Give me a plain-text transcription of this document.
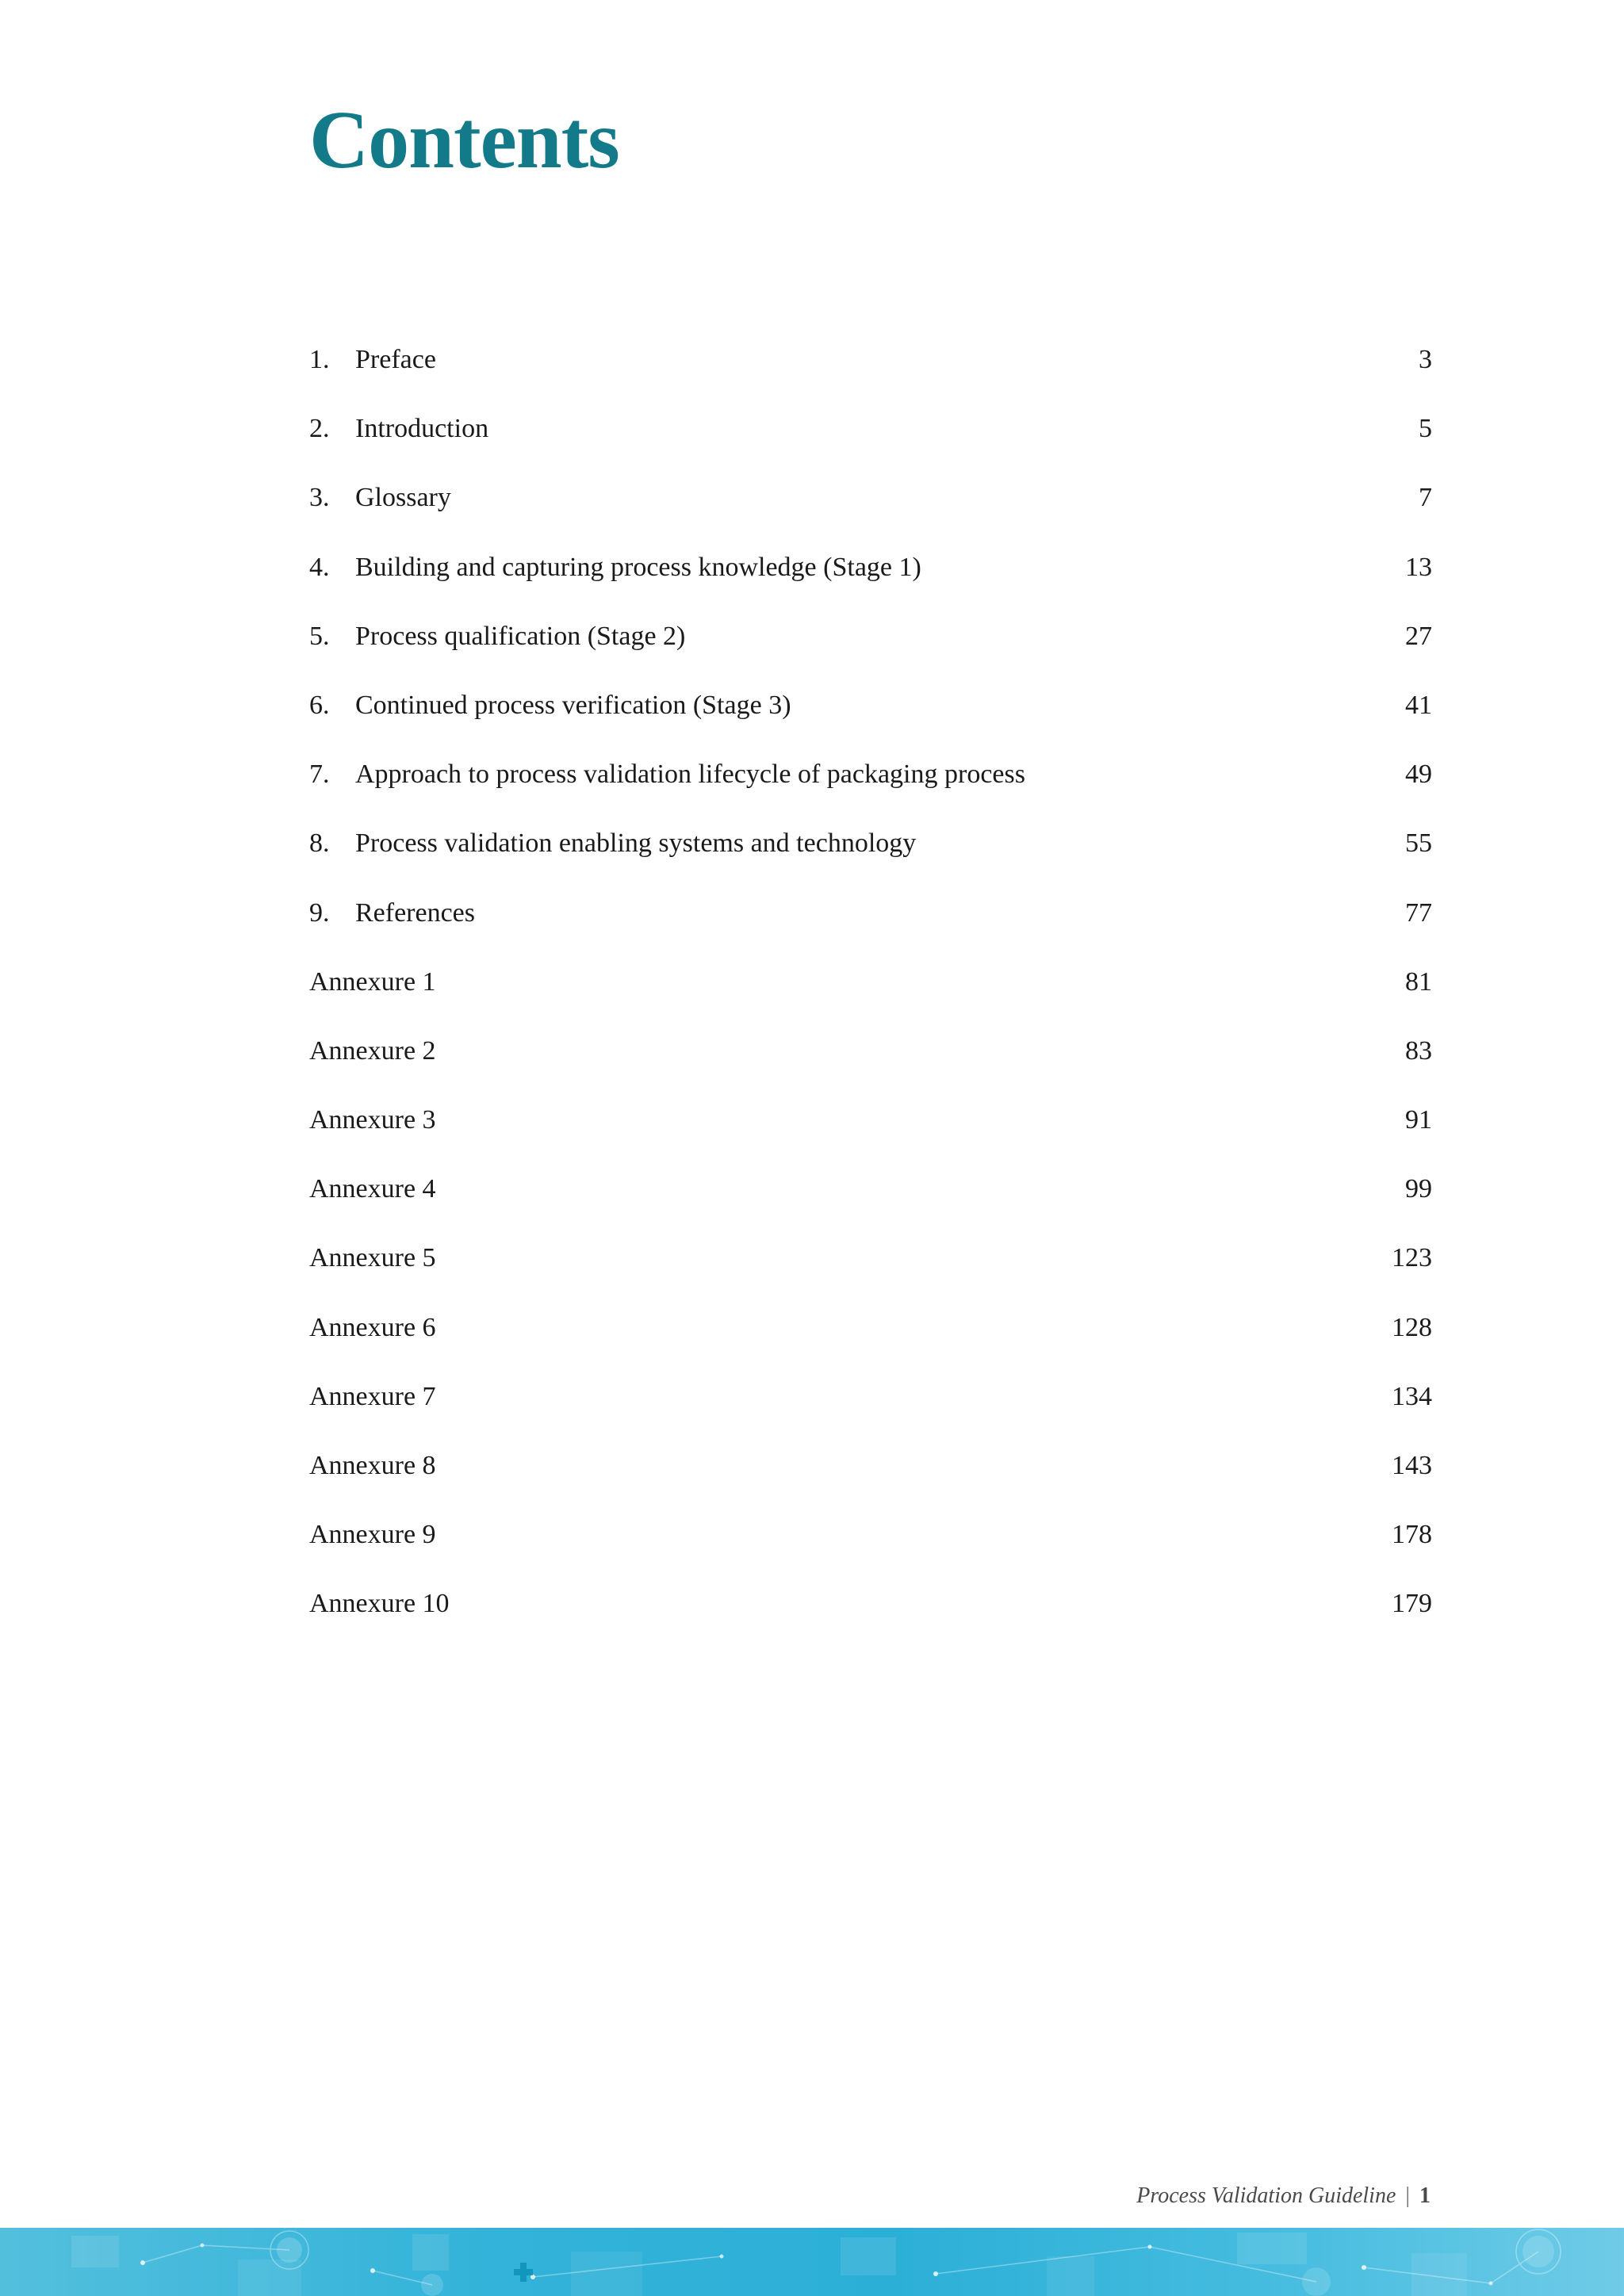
Contents
1. Preface	3
2. Introduction	5
3. Glossary	7
4. Building and capturing process knowledge (Stage 1)	13
5. Process qualification (Stage 2)	27
6. Continued process verification (Stage 3)	41
7. Approach to process validation lifecycle of packaging process	49
8. Process validation enabling systems and technology	55
9. References	77
Annexure 1	81
Annexure 2	83
Annexure 3	91
Annexure 4	99
Annexure 5	123
Annexure 6	128
Annexure 7	134
Annexure 8	143
Annexure 9	178
Annexure 10	179
Process Validation Guideline | 1
